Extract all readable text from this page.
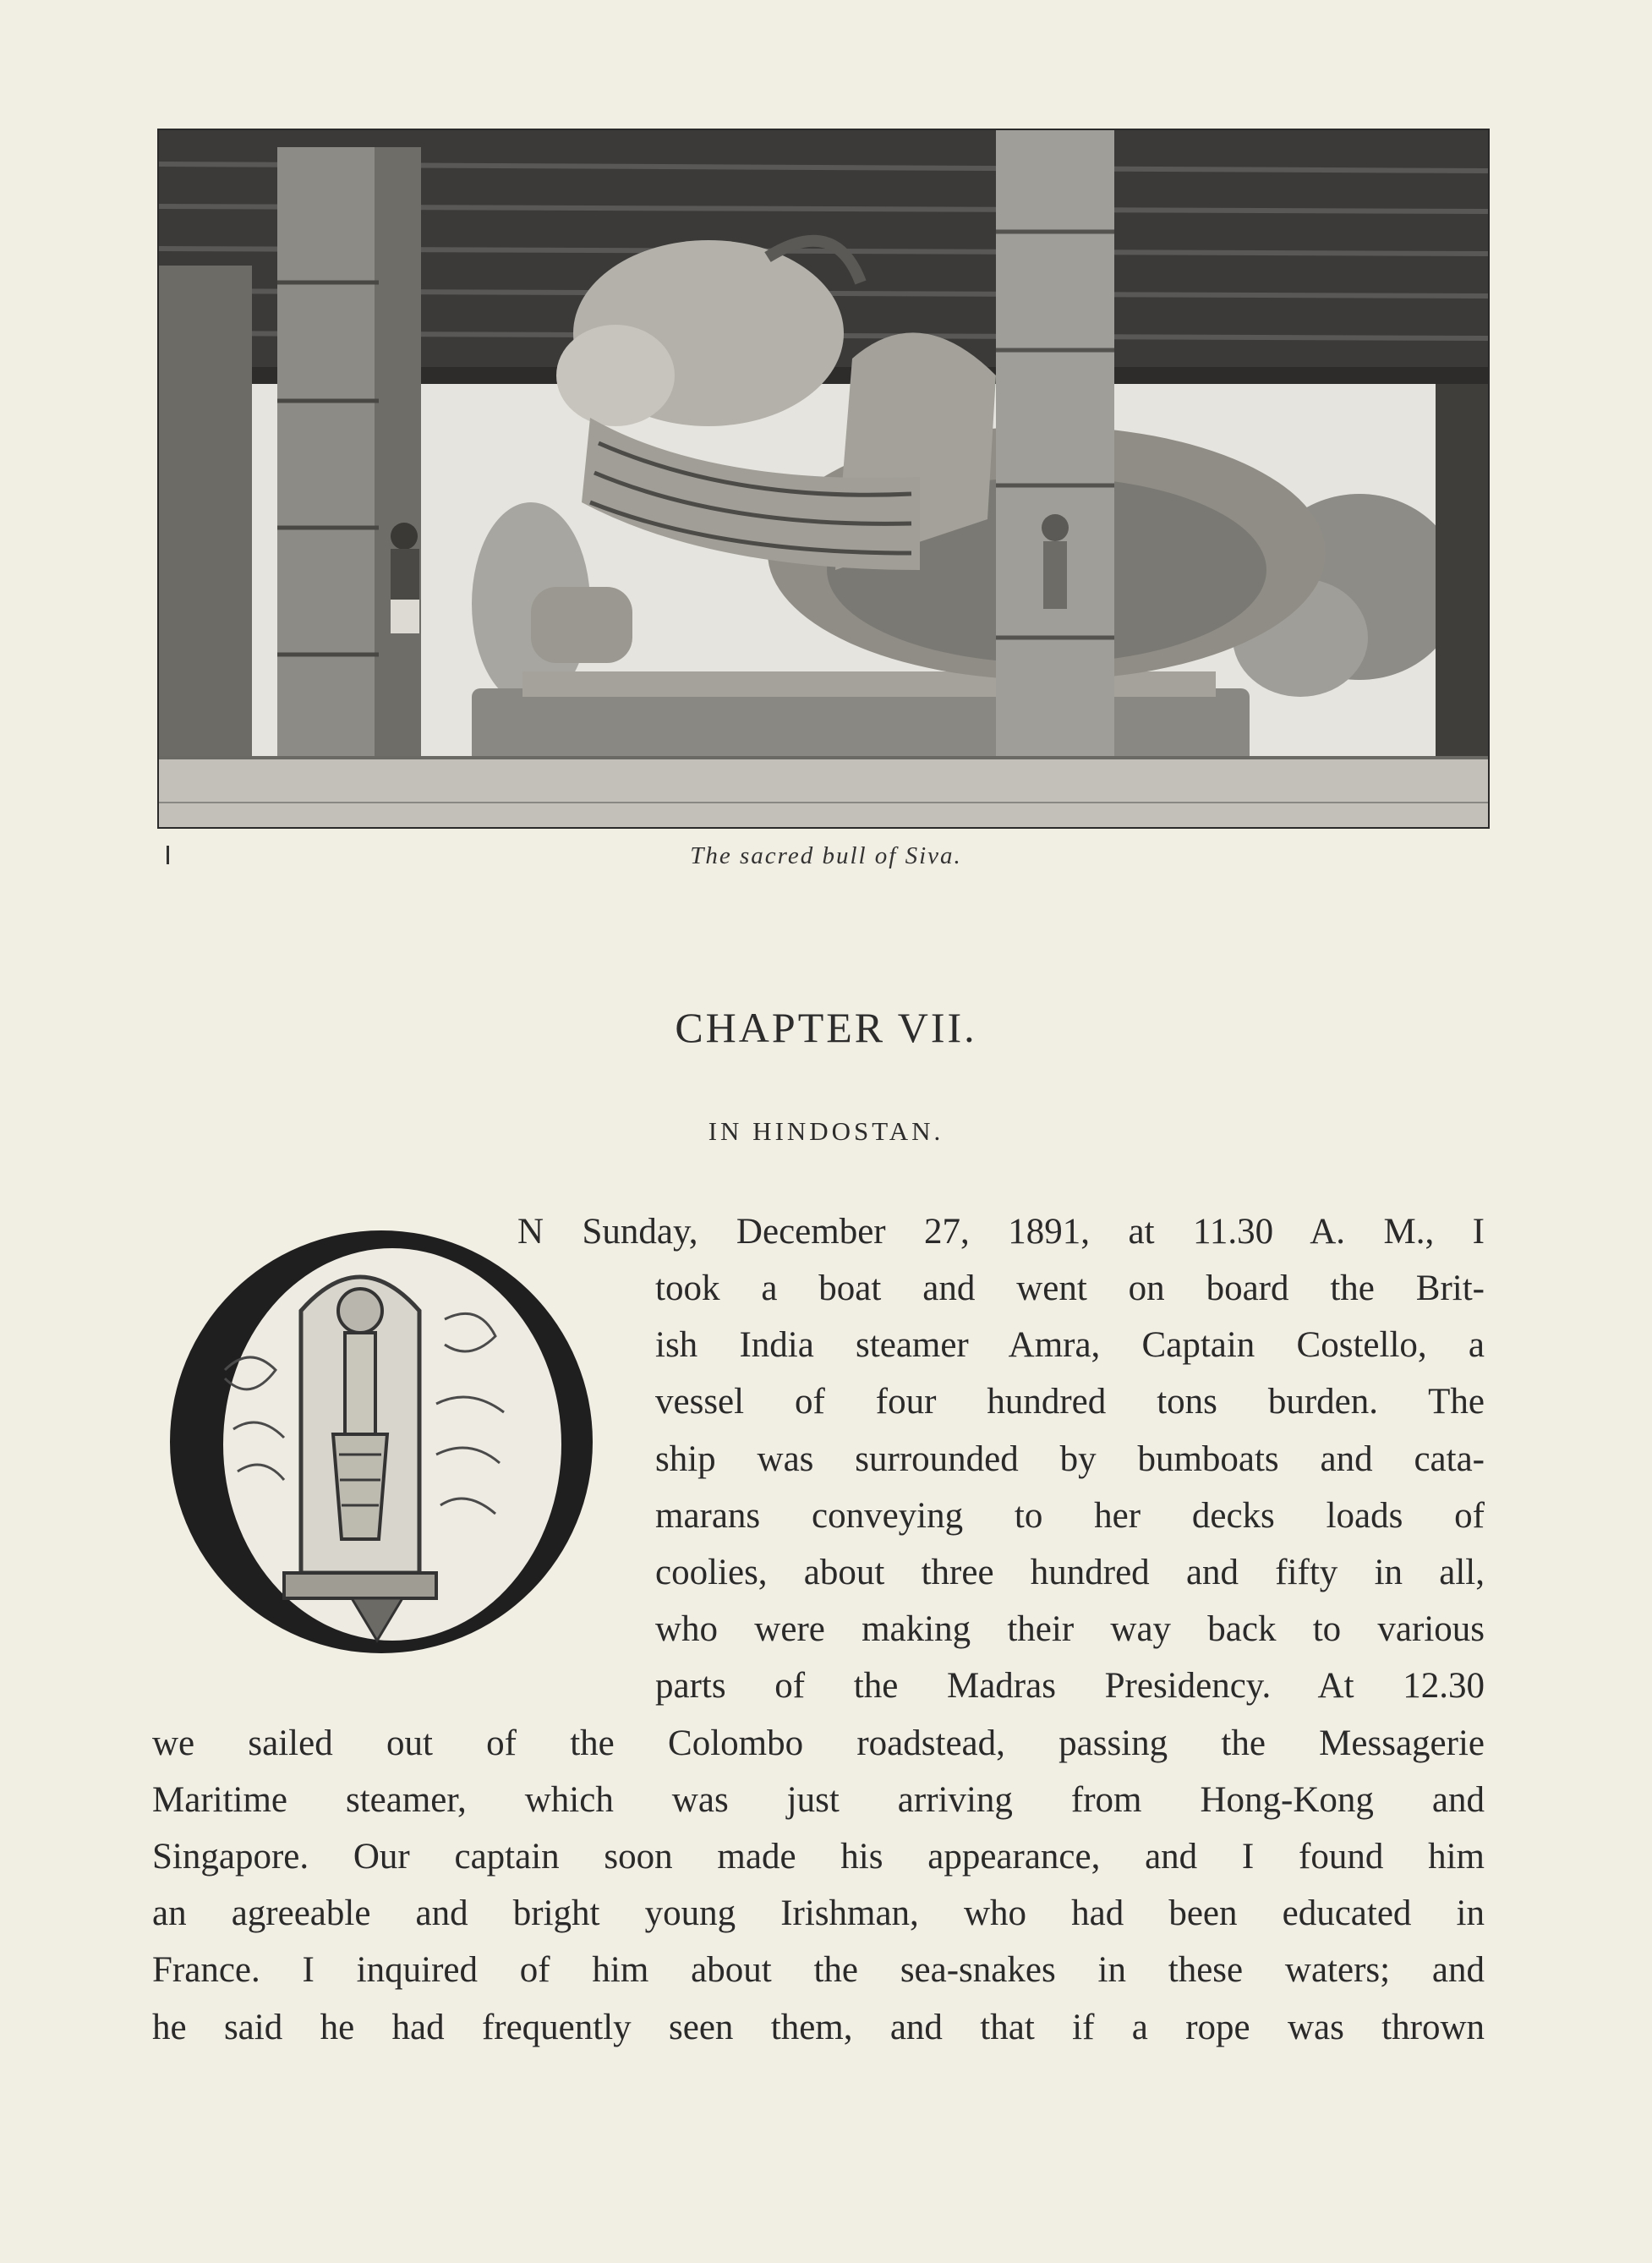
The sacred bull of Siva.
CHAPTER VII.
IN HINDOSTAN.
N Sunday, December 27, 1891, at 11.30 A. M., I
took a boat and went on board the Brit-
ish India steamer Amra, Captain Costello, a
vessel of four hundred tons burden. The
ship was surrounded by bumboats and cata-
marans conveying to her decks loads of
coolies, about three hundred and fifty in all,
who were making their way back to various
parts of the Madras Presidency. At 12.30
we sailed out of the Colombo roadstead, passing the Messagerie
Maritime steamer, which was just arriving from Hong-Kong and
Singapore. Our captain soon made his appearance, and I found him
an agreeable and bright young Irishman, who had been educated in
France. I inquired of him about the sea-snakes in these waters; and
he said he had frequently seen them, and that if a rope was thrown
